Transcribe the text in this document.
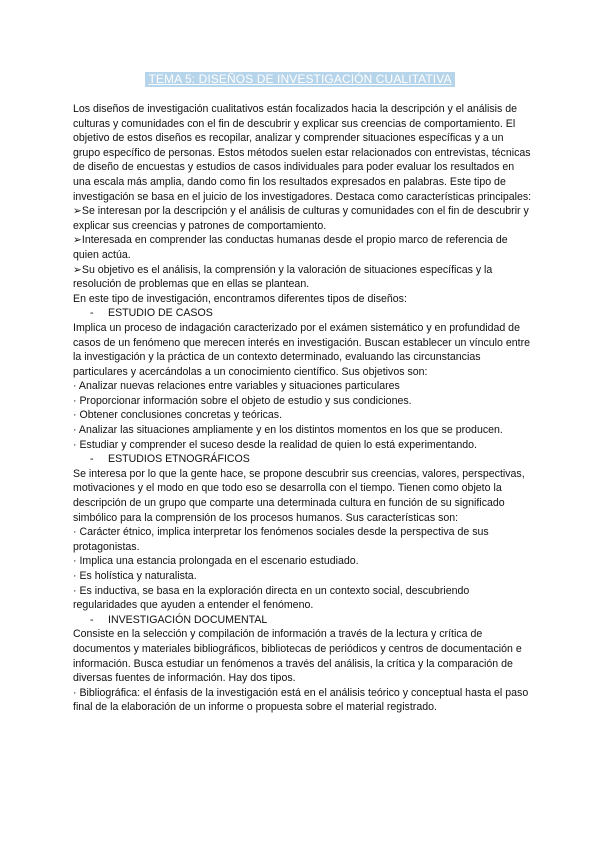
TEMA 5: DISEÑOS DE INVESTIGACIÓN CUALITATIVA

Los diseños de investigación cualitativos están focalizados hacia la descripción y el análisis de culturas y comunidades con el fin de descubrir y explicar sus creencias de comportamiento. El objetivo de estos diseños es recopilar, analizar y comprender situaciones específicas y a un grupo específico de personas. Estos métodos suelen estar relacionados con entrevistas, técnicas de diseño de encuestas y estudios de casos individuales para poder evaluar los resultados en una escala más amplia, dando como fin los resultados expresados en palabras. Este tipo de investigación se basa en el juicio de los investigadores. Destaca como características principales:

➢Se interesan por la descripción y el análisis de culturas y comunidades con el fin de descubrir y explicar sus creencias y patrones de comportamiento.

➢Interesada en comprender las conductas humanas desde el propio marco de referencia de quien actúa.

➢Su objetivo es el análisis, la comprensión y la valoración de situaciones específicas y la resolución de problemas que en ellas se plantean.

En este tipo de investigación, encontramos diferentes tipos de diseños:

- ESTUDIO DE CASOS

Implica un proceso de indagación caracterizado por el exámen sistemático y en profundidad de casos de un fenómeno que merecen interés en investigación. Buscan establecer un vínculo entre la investigación y la práctica de un contexto determinado, evaluando las circunstancias particulares y acercándolas a un conocimiento científico. Sus objetivos son:

· Analizar nuevas relaciones entre variables y situaciones particulares

· Proporcionar información sobre el objeto de estudio y sus condiciones.

· Obtener conclusiones concretas y teóricas.

· Analizar las situaciones ampliamente y en los distintos momentos en los que se producen.

· Estudiar y comprender el suceso desde la realidad de quien lo está experimentando.

- ESTUDIOS ETNOGRÁFICOS

Se interesa por lo que la gente hace, se propone descubrir sus creencias, valores, perspectivas, motivaciones y el modo en que todo eso se desarrolla con el tiempo. Tienen como objeto la descripción de un grupo que comparte una determinada cultura en función de su significado simbólico para la comprensión de los procesos humanos. Sus características son:

· Carácter étnico, implica interpretar los fenómenos sociales desde la perspectiva de sus protagonistas.

· Implica una estancia prolongada en el escenario estudiado.

· Es holística y naturalista.

· Es inductiva, se basa en la exploración directa en un contexto social, descubriendo regularidades que ayuden a entender el fenómeno.

- INVESTIGACIÓN DOCUMENTAL

Consiste en la selección y compilación de información a través de la lectura y crítica de documentos y materiales bibliográficos, bibliotecas de periódicos y centros de documentación e información. Busca estudiar un fenómenos a través del análisis, la crítica y la comparación de diversas fuentes de información. Hay dos tipos.

· Bibliográfica: el énfasis de la investigación está en el análisis teórico y conceptual hasta el paso final de la elaboración de un informe o propuesta sobre el material registrado.
